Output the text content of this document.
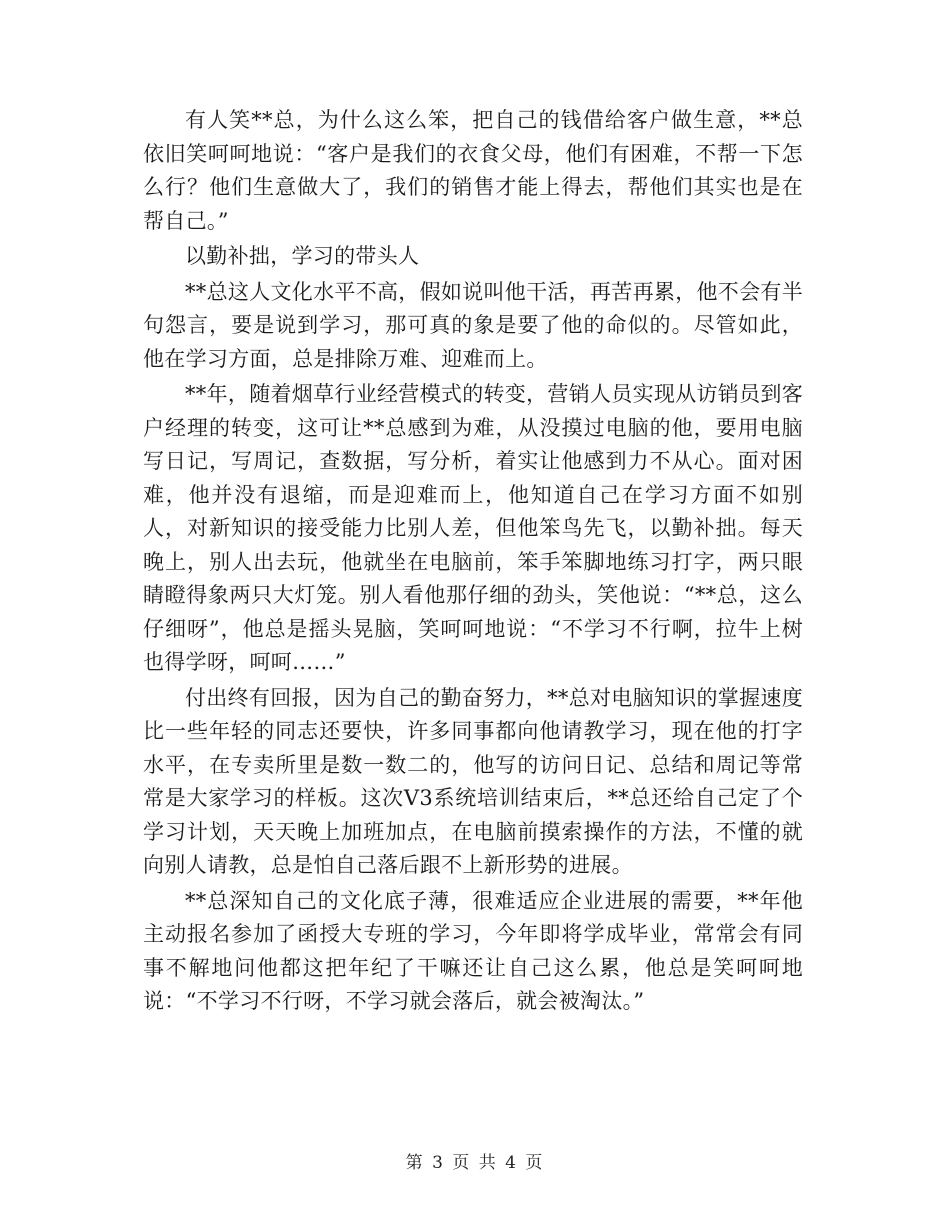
有人笑**总，为什么这么笨，把自己的钱借给客户做生意，**总依旧笑呵呵地说：“客户是我们的衣食父母，他们有困难，不帮一下怎么行？他们生意做大了，我们的销售才能上得去，帮他们其实也是在帮自己。”

以勤补拙，学习的带头人

**总这人文化水平不高，假如说叫他干活，再苦再累，他不会有半句怨言，要是说到学习，那可真的象是要了他的命似的。尽管如此，他在学习方面，总是排除万难、迎难而上。

**年，随着烟草行业经营模式的转变，营销人员实现从访销员到客户经理的转变，这可让**总感到为难，从没摸过电脑的他，要用电脑写日记，写周记，查数据，写分析，着实让他感到力不从心。面对困难，他并没有退缩，而是迎难而上，他知道自己在学习方面不如别人，对新知识的接受能力比别人差，但他笨鸟先飞，以勤补拙。每天晚上，别人出去玩，他就坐在电脑前，笨手笨脚地练习打字，两只眼睛瞪得象两只大灯笼。别人看他那仔细的劲头，笑他说：“**总，这么仔细呀”，他总是摇头晃脑，笑呵呵地说：“不学习不行啊，拉牛上树也得学呀，呵呵……”

付出终有回报，因为自己的勤奋努力，**总对电脑知识的掌握速度比一些年轻的同志还要快，许多同事都向他请教学习，现在他的打字水平，在专卖所里是数一数二的，他写的访问日记、总结和周记等常常是大家学习的样板。这次V3系统培训结束后，**总还给自己定了个学习计划，天天晚上加班加点，在电脑前摸索操作的方法，不懂的就向别人请教，总是怕自己落后跟不上新形势的进展。

**总深知自己的文化底子薄，很难适应企业进展的需要，**年他主动报名参加了函授大专班的学习，今年即将学成毕业，常常会有同事不解地问他都这把年纪了干嘛还让自己这么累，他总是笑呵呵地说：“不学习不行呀，不学习就会落后，就会被淘汰。”

第 3 页 共 4 页
